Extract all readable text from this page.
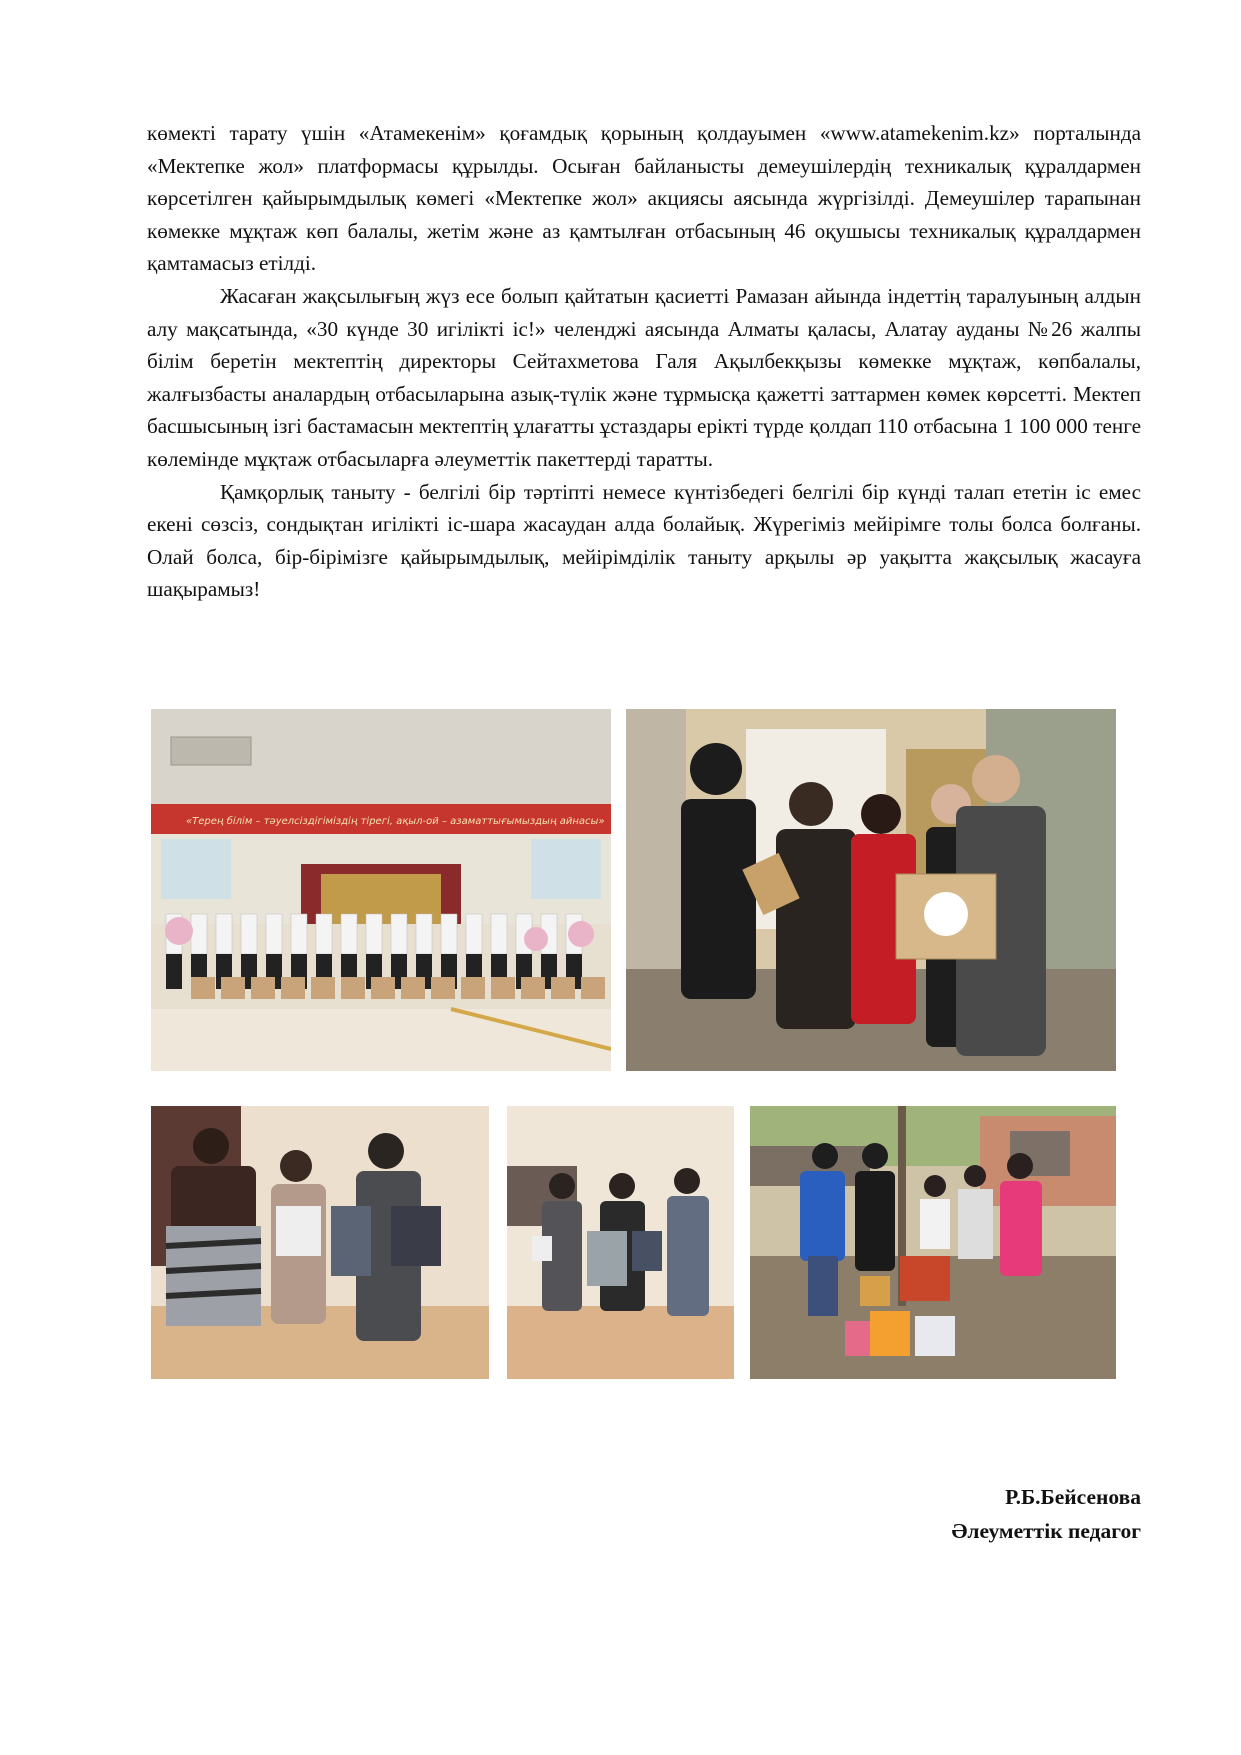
көмекті тарату үшін «Атамекенім» қоғамдық қорының қолдауымен «www.atamekenim.kz» порталында «Мектепке жол» платформасы құрылды. Осыған байланысты демеушілердің техникалық құралдармен көрсетілген қайырымдылық көмегі «Мектепке жол» акциясы аясында жүргізілді. Демеушілер тарапынан көмекке мұқтаж көп балалы, жетім және аз қамтылған отбасының 46 оқушысы техникалық құралдармен қамтамасыз етілді.

Жасаған жақсылығың жүз есе болып қайтатын қасиетті Рамазан айында індеттің таралуының алдын алу мақсатында, «30 күнде 30 игілікті іс!» челенджі аясында Алматы қаласы, Алатау ауданы №26 жалпы білім беретін мектептің директоры Сейтахметова Галя Ақылбекқызы көмекке мұқтаж, көпбалалы, жалғызбасты аналардың отбасыларына азық-түлік және тұрмысқа қажетті заттармен көмек көрсетті. Мектеп басшысының ізгі бастамасын мектептің ұлағатты ұстаздары ерікті түрде қолдап 110 отбасына 1 100 000 тенге көлемінде мұқтаж отбасыларға әлеуметтік пакеттерді таратты.

Қамқорлық таныту - белгілі бір тәртіпті немесе күнтізбедегі белгілі бір күнді талап ететін іс емес екені сөзсіз, сондықтан игілікті іс-шара жасаудан алда болайық. Жүрегіміз мейірімге толы болса болғаны. Олай болса, бір-бірімізге қайырымдылық, мейірімділік таныту арқылы әр уақытта жақсылық жасауға шақырамыз!

«Терең білім – тәуелсіздігіміздің тірегі, ақыл-ой – азаматтығымыздың айнасы»
Р.Б.Бейсенова
Әлеуметтік педагог
